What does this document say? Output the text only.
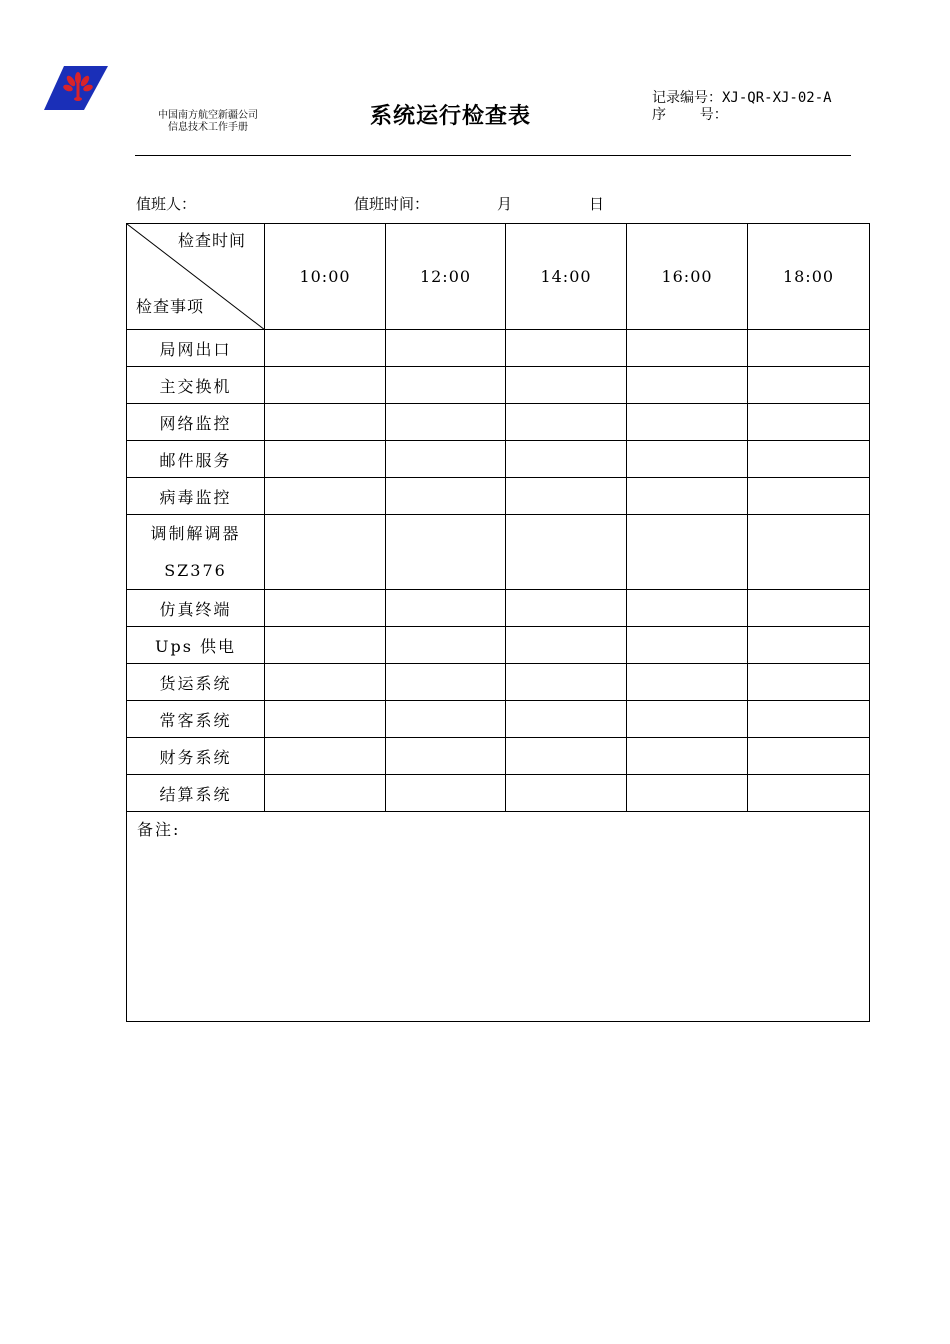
中国南方航空新疆公司
信息技术工作手册	系统运行检查表
记录编号：XJ-QR-XJ-02-A
序    号：
值班人：	值班时间：	月	日
检查时间
检查事项	10:00	12:00	14:00	16:00	18:00
局网出口					
主交换机					
网络监控					
邮件服务					
病毒监控					

调制解调器
SZ376					

仿真终端					
Ups 供电					
货运系统					
常客系统					
财务系统					
结算系统					
备注:					
